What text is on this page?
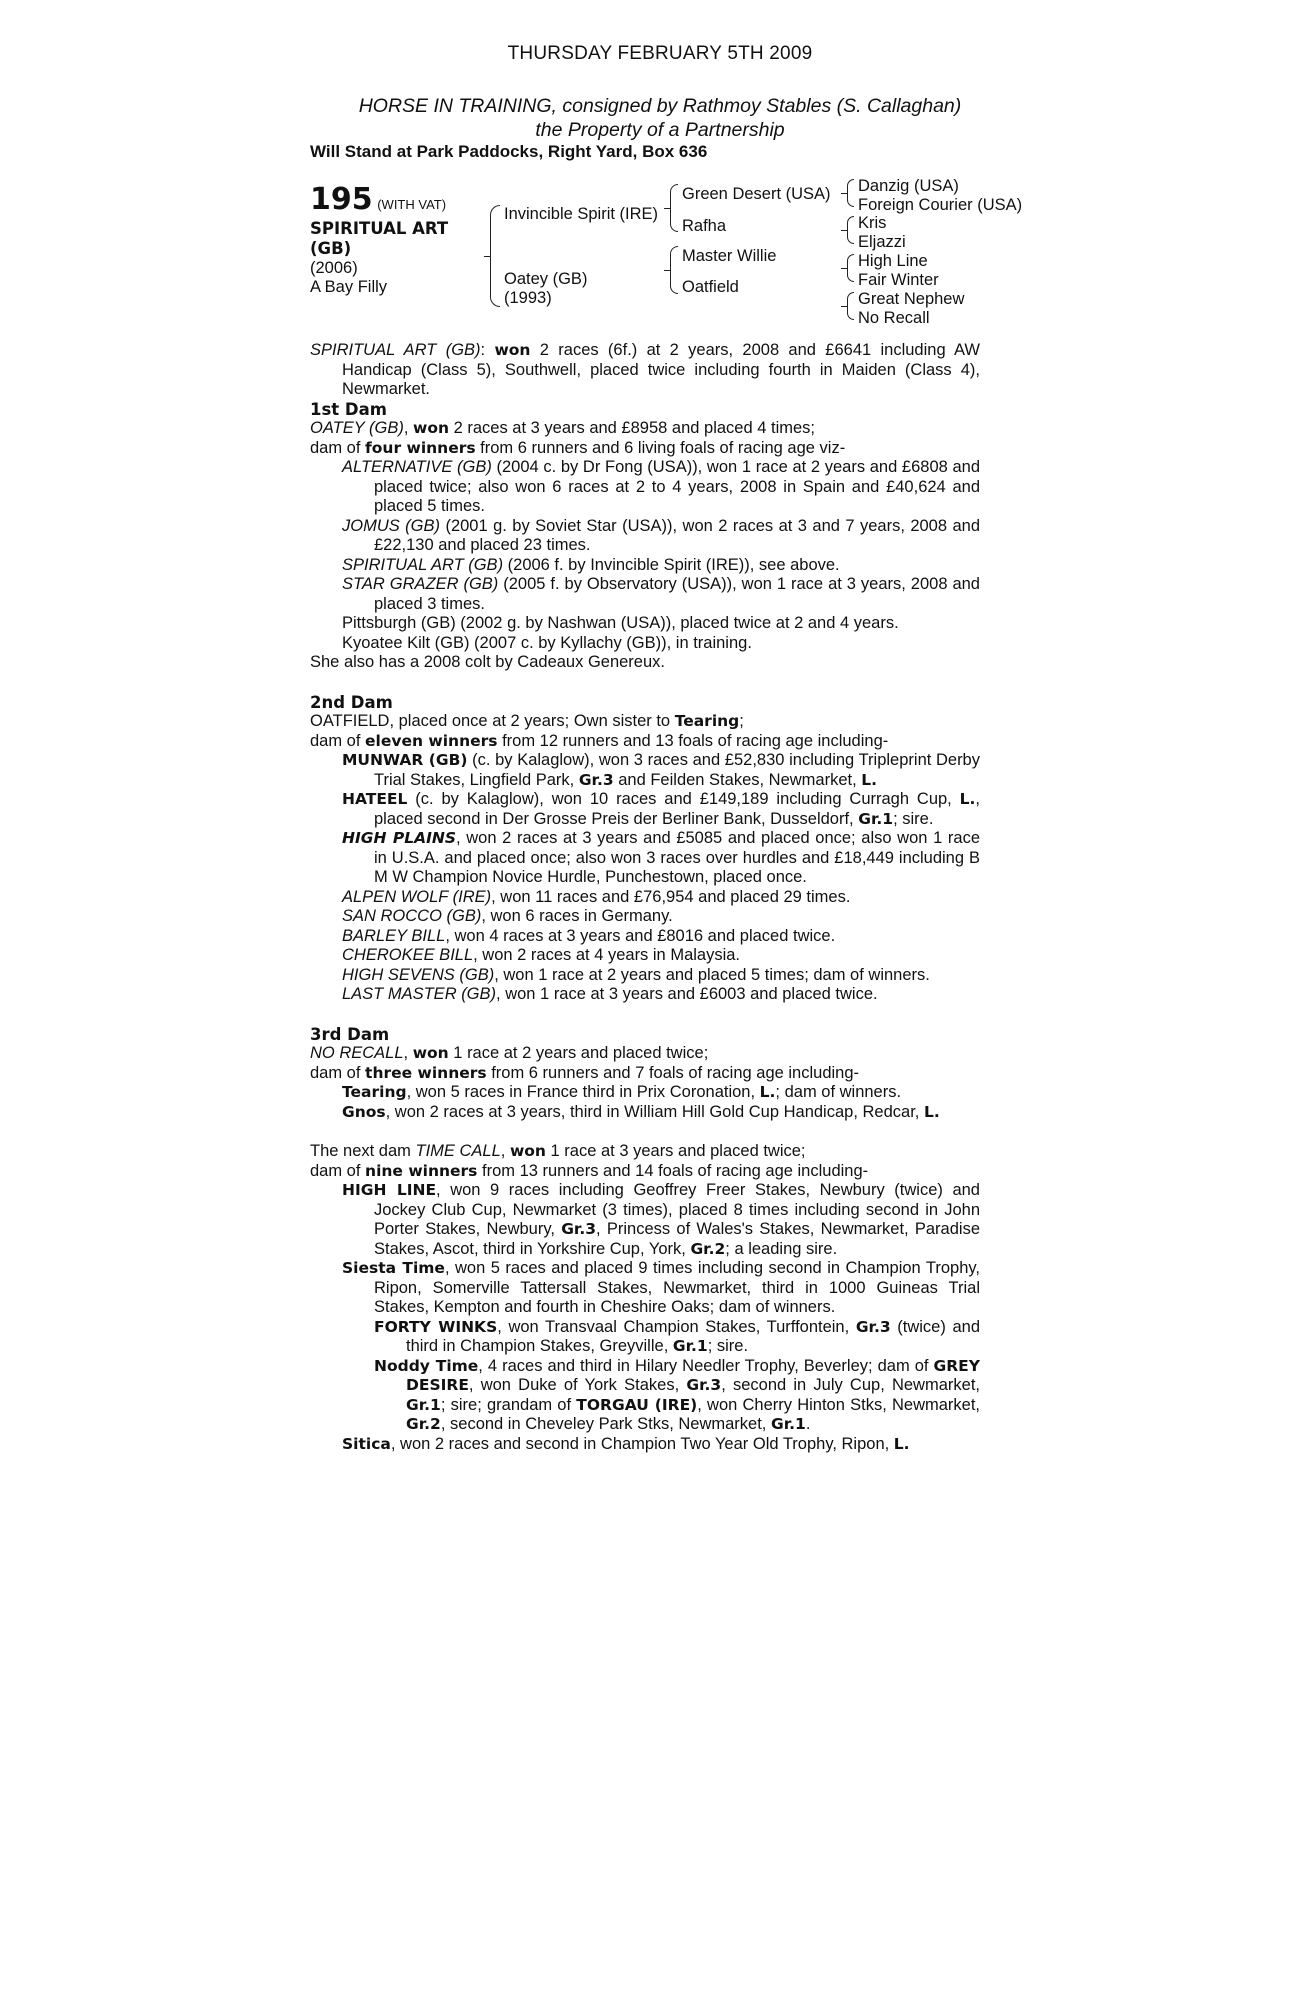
THURSDAY FEBRUARY 5TH 2009
HORSE IN TRAINING, consigned by Rathmoy Stables (S. Callaghan)
the Property of a Partnership
Will Stand at Park Paddocks, Right Yard, Box 636
195 (WITH VAT)
SPIRITUAL ART
(GB)
(2006)
A Bay Filly
Invincible Spirit (IRE)
Oatey (GB)
(1993)
Green Desert (USA)
Rafha
Master Willie
Oatfield
Danzig (USA)
Foreign Courier (USA)
Kris
Eljazzi
High Line
Fair Winter
Great Nephew
No Recall

SPIRITUAL ART (GB): won 2 races (6f.) at 2 years, 2008 and £6641 including AW Handicap (Class 5), Southwell, placed twice including fourth in Maiden (Class 4), Newmarket.

1st Dam

OATEY (GB), won 2 races at 3 years and £8958 and placed 4 times;

dam of four winners from 6 runners and 6 living foals of racing age viz-

ALTERNATIVE (GB) (2004 c. by Dr Fong (USA)), won 1 race at 2 years and £6808 and placed twice; also won 6 races at 2 to 4 years, 2008 in Spain and £40,624 and placed 5 times.

JOMUS (GB) (2001 g. by Soviet Star (USA)), won 2 races at 3 and 7 years, 2008 and £22,130 and placed 23 times.

SPIRITUAL ART (GB) (2006 f. by Invincible Spirit (IRE)), see above.

STAR GRAZER (GB) (2005 f. by Observatory (USA)), won 1 race at 3 years, 2008 and placed 3 times.

Pittsburgh (GB) (2002 g. by Nashwan (USA)), placed twice at 2 and 4 years.

Kyoatee Kilt (GB) (2007 c. by Kyllachy (GB)), in training.

She also has a 2008 colt by Cadeaux Genereux.

2nd Dam

OATFIELD, placed once at 2 years; Own sister to Tearing;

dam of eleven winners from 12 runners and 13 foals of racing age including-

MUNWAR (GB) (c. by Kalaglow), won 3 races and £52,830 including Tripleprint Derby Trial Stakes, Lingfield Park, Gr.3 and Feilden Stakes, Newmarket, L.

HATEEL (c. by Kalaglow), won 10 races and £149,189 including Curragh Cup, L., placed second in Der Grosse Preis der Berliner Bank, Dusseldorf, Gr.1; sire.

HIGH PLAINS, won 2 races at 3 years and £5085 and placed once; also won 1 race in U.S.A. and placed once; also won 3 races over hurdles and £18,449 including B M W Champion Novice Hurdle, Punchestown, placed once.

ALPEN WOLF (IRE), won 11 races and £76,954 and placed 29 times.

SAN ROCCO (GB), won 6 races in Germany.

BARLEY BILL, won 4 races at 3 years and £8016 and placed twice.

CHEROKEE BILL, won 2 races at 4 years in Malaysia.

HIGH SEVENS (GB), won 1 race at 2 years and placed 5 times; dam of winners.

LAST MASTER (GB), won 1 race at 3 years and £6003 and placed twice.

3rd Dam

NO RECALL, won 1 race at 2 years and placed twice;

dam of three winners from 6 runners and 7 foals of racing age including-

Tearing, won 5 races in France third in Prix Coronation, L.; dam of winners.

Gnos, won 2 races at 3 years, third in William Hill Gold Cup Handicap, Redcar, L.

The next dam TIME CALL, won 1 race at 3 years and placed twice;

dam of nine winners from 13 runners and 14 foals of racing age including-

HIGH LINE, won 9 races including Geoffrey Freer Stakes, Newbury (twice) and Jockey Club Cup, Newmarket (3 times), placed 8 times including second in John Porter Stakes, Newbury, Gr.3, Princess of Wales's Stakes, Newmarket, Paradise Stakes, Ascot, third in Yorkshire Cup, York, Gr.2; a leading sire.

Siesta Time, won 5 races and placed 9 times including second in Champion Trophy, Ripon, Somerville Tattersall Stakes, Newmarket, third in 1000 Guineas Trial Stakes, Kempton and fourth in Cheshire Oaks; dam of winners.

FORTY WINKS, won Transvaal Champion Stakes, Turffontein, Gr.3 (twice) and third in Champion Stakes, Greyville, Gr.1; sire.

Noddy Time, 4 races and third in Hilary Needler Trophy, Beverley; dam of GREY DESIRE, won Duke of York Stakes, Gr.3, second in July Cup, Newmarket, Gr.1; sire; grandam of TORGAU (IRE), won Cherry Hinton Stks, Newmarket, Gr.2, second in Cheveley Park Stks, Newmarket, Gr.1.

Sitica, won 2 races and second in Champion Two Year Old Trophy, Ripon, L.
